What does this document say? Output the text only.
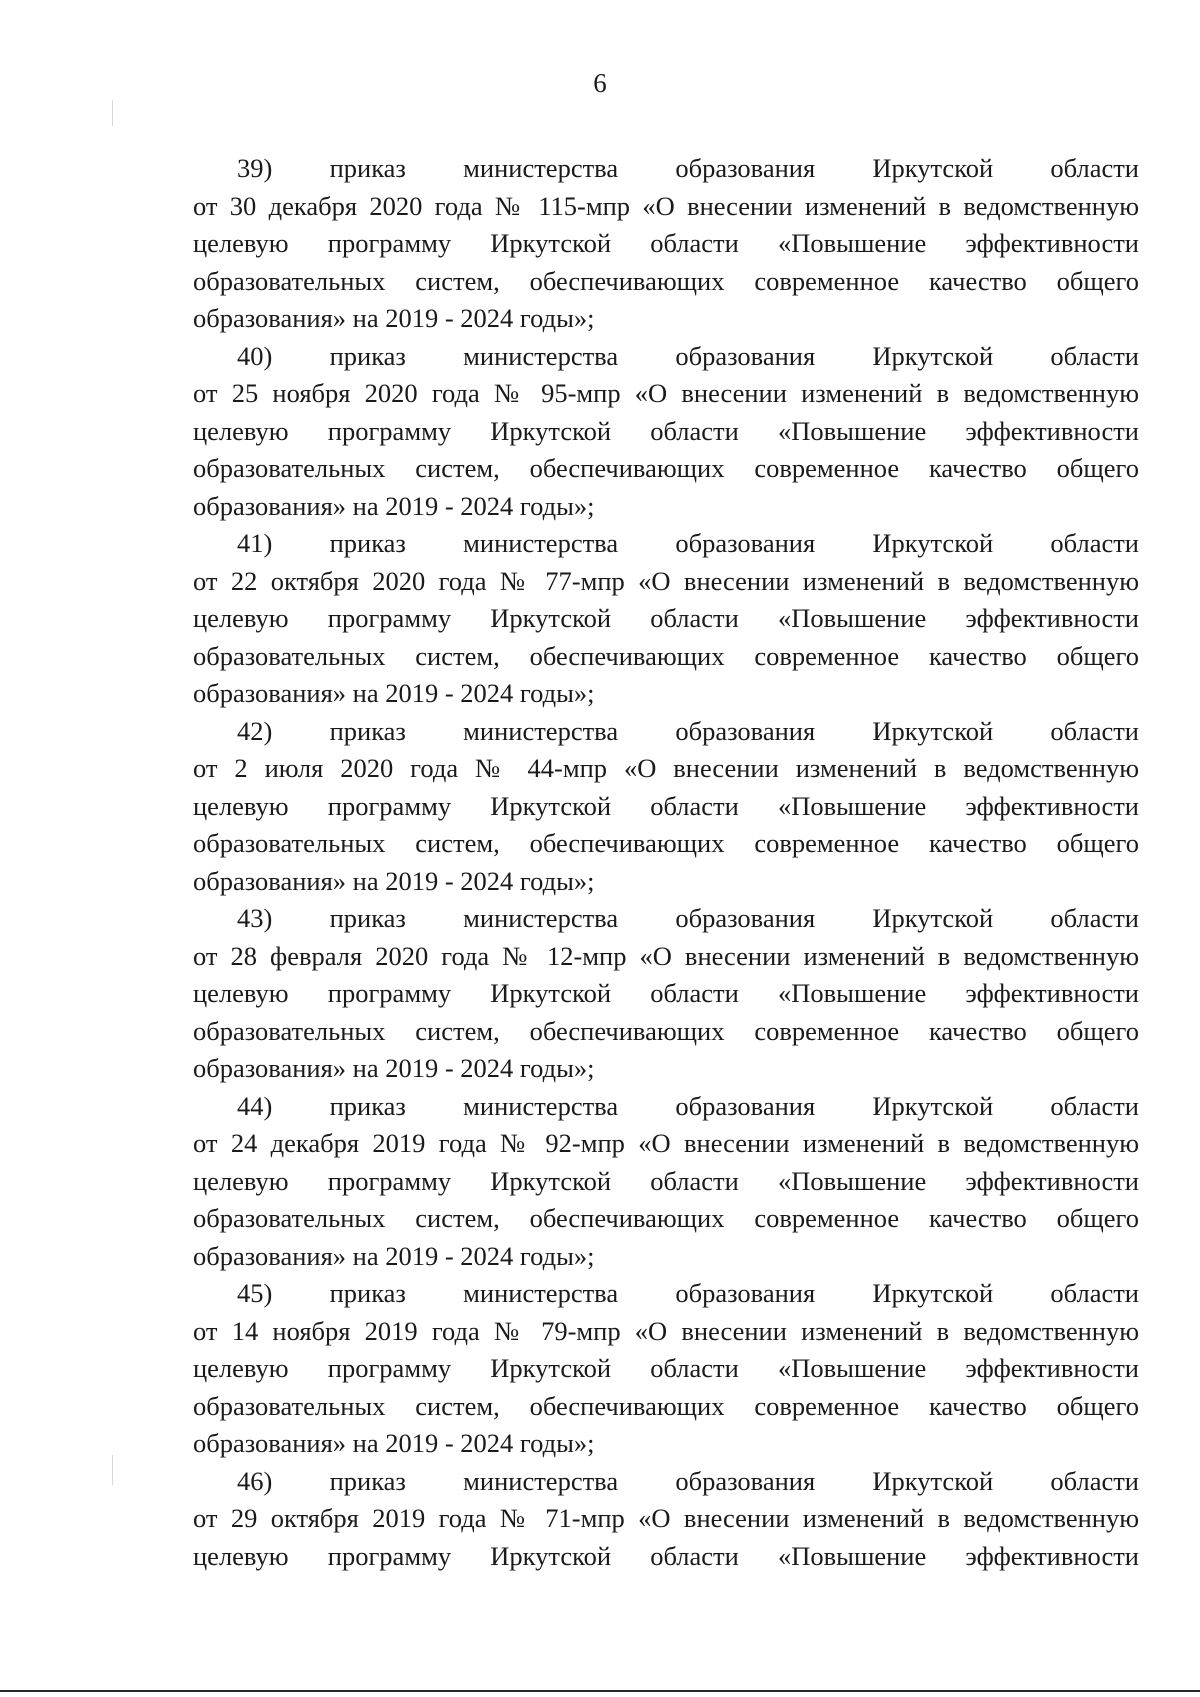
6

39) приказ министерства образования Иркутской области
от 30 декабря 2020 года № 115-мпр «О внесении изменений в ведомственную
целевую программу Иркутской области «Повышение эффективности
образовательных систем, обеспечивающих современное качество общего
образования» на 2019 - 2024 годы»;

40) приказ министерства образования Иркутской области
от 25 ноября 2020 года № 95-мпр «О внесении изменений в ведомственную
целевую программу Иркутской области «Повышение эффективности
образовательных систем, обеспечивающих современное качество общего
образования» на 2019 - 2024 годы»;

41) приказ министерства образования Иркутской области
от 22 октября 2020 года № 77-мпр «О внесении изменений в ведомственную
целевую программу Иркутской области «Повышение эффективности
образовательных систем, обеспечивающих современное качество общего
образования» на 2019 - 2024 годы»;

42) приказ министерства образования Иркутской области
от 2 июля 2020 года № 44-мпр «О внесении изменений в ведомственную
целевую программу Иркутской области «Повышение эффективности
образовательных систем, обеспечивающих современное качество общего
образования» на 2019 - 2024 годы»;

43) приказ министерства образования Иркутской области
от 28 февраля 2020 года № 12-мпр «О внесении изменений в ведомственную
целевую программу Иркутской области «Повышение эффективности
образовательных систем, обеспечивающих современное качество общего
образования» на 2019 - 2024 годы»;

44) приказ министерства образования Иркутской области
от 24 декабря 2019 года № 92-мпр «О внесении изменений в ведомственную
целевую программу Иркутской области «Повышение эффективности
образовательных систем, обеспечивающих современное качество общего
образования» на 2019 - 2024 годы»;

45) приказ министерства образования Иркутской области
от 14 ноября 2019 года № 79-мпр «О внесении изменений в ведомственную
целевую программу Иркутской области «Повышение эффективности
образовательных систем, обеспечивающих современное качество общего
образования» на 2019 - 2024 годы»;

46) приказ министерства образования Иркутской области
от 29 октября 2019 года № 71-мпр «О внесении изменений в ведомственную
целевую программу Иркутской области «Повышение эффективности
